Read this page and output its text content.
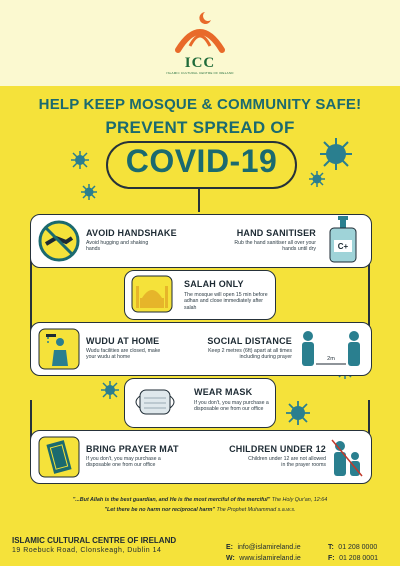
ICC
ISLAMIC CULTURAL CENTRE OF IRELAND
HELP KEEP MOSQUE & COMMUNITY SAFE!
PREVENT SPREAD OF
COVID-19
AVOID HANDSHAKE
Avoid hugging and shaking hands
HAND SANITISER
Rub the hand sanitiser all over your hands until dry	C+
SALAH ONLY
The mosque will open 15 min before adhan and close immediately after salah
WUDU AT HOME
Wudu facilities are closed, make your wudu at home
SOCIAL DISTANCE
Keep 2 metres (6ft) apart at all times including during prayer	2m
WEAR MASK
If you don't, you may purchase a disposable one from our office
BRING PRAYER MAT
If you don't, you may purchase a disposable one from our office
CHILDREN UNDER 12
Children under 12 are not allowed in the prayer rooms
"...But Allah is the best guardian, and He is the most merciful of the merciful" The Holy Qur'an, 12:64
"Let there be no harm nor reciprocal harm" The Prophet Muhammad s.a.w.s.
ISLAMIC CULTURAL CENTRE OF IRELAND
19 Roebuck Road, Clonskeagh, Dublin 14	E: info@islamireland.ie
W: www.islamireland.ie
T: 01 208 0000
F: 01 208 0001
